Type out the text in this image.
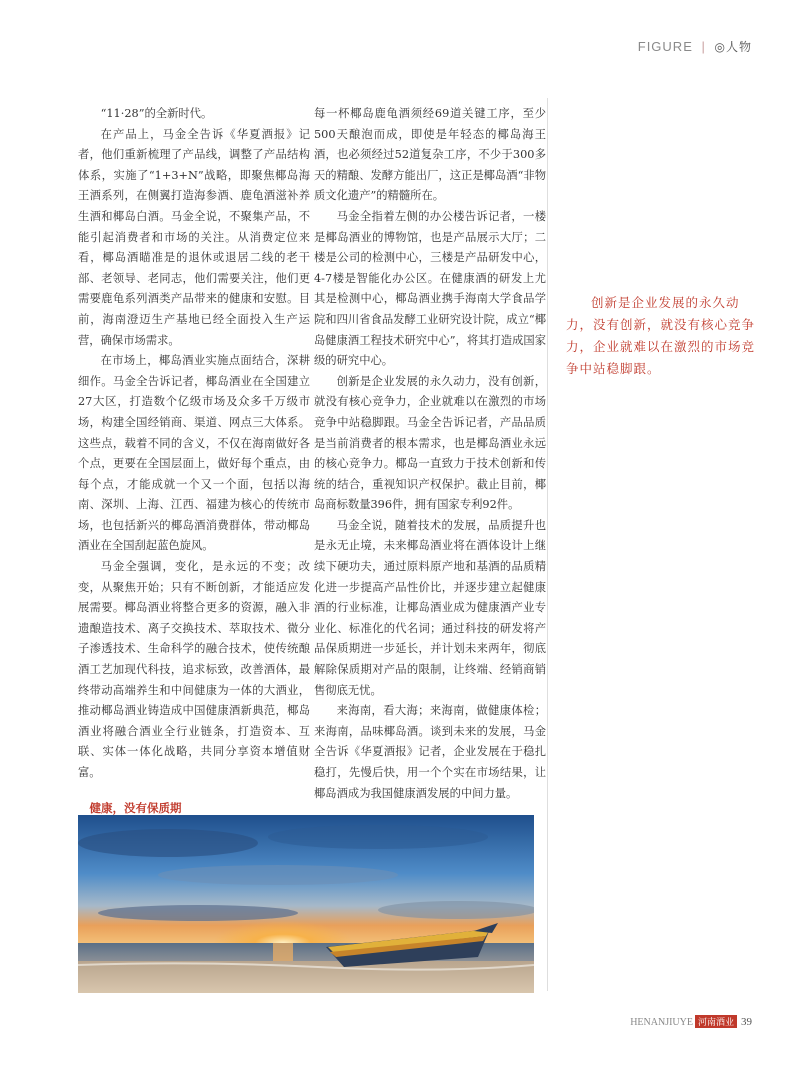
FIGURE | ◎人物

“11·28”的全新时代。

在产品上，马金全告诉《华夏酒报》记者，他们重新梳理了产品线，调整了产品结构体系，实施了“1+3+N”战略，即聚焦椰岛海王酒系列，在侧翼打造海参酒、鹿龟酒滋补养生酒和椰岛白酒。马金全说，不聚集产品，不能引起消费者和市场的关注。从消费定位来看，椰岛酒瞄准是的退休或退居二线的老干部、老领导、老同志，他们需要关注，他们更需要鹿龟系列酒类产品带来的健康和安慰。目前，海南澄迈生产基地已经全面投入生产运营，确保市场需求。

在市场上，椰岛酒业实施点面结合，深耕细作。马金全告诉记者，椰岛酒业在全国建立27大区，打造数个亿级市场及众多千万级市场，构建全国经销商、渠道、网点三大体系。这些点，载着不同的含义，不仅在海南做好各个点，更要在全国层面上，做好每个重点，由每个点，才能成就一个又一个面，包括以海南、深圳、上海、江西、福建为核心的传统市场，也包括新兴的椰岛酒消费群体，带动椰岛酒业在全国刮起蓝色旋风。

马金全强调，变化，是永远的不变；改变，从聚焦开始；只有不断创新，才能适应发展需要。椰岛酒业将整合更多的资源，融入非遗酿造技术、离子交换技术、萃取技术、微分子渗透技术、生命科学的融合技术，使传统酿酒工艺加现代科技，追求标致，改善酒体，最终带动高端养生和中间健康为一体的大酒业，推动椰岛酒业铸造成中国健康酒新典范，椰岛酒业将融合酒业全行业链条，打造资本、互联、实体一体化战略，共同分享资本增值财富。

健康，没有保质期

每一杯椰岛鹿龟酒须经69道关键工序，至少500天酿泡而成，即使是年轻态的椰岛海王酒，也必须经过52道复杂工序，不少于300多天的精酿、发酵方能出厂，这正是椰岛酒“非物质文化遗产”的精髓所在。

马金全指着左侧的办公楼告诉记者，一楼是椰岛酒业的博物馆，也是产品展示大厅；二楼是公司的检测中心，三楼是产品研发中心，4-7楼是智能化办公区。在健康酒的研发上尤其是检测中心，椰岛酒业携手海南大学食品学院和四川省食品发酵工业研究设计院，成立“椰岛健康酒工程技术研究中心”，将其打造成国家级的研究中心。

创新是企业发展的永久动力，没有创新，就没有核心竞争力，企业就难以在激烈的市场竞争中站稳脚跟。马金全告诉记者，产品品质是当前消费者的根本需求，也是椰岛酒业永远的核心竞争力。椰岛一直致力于技术创新和传统的结合，重视知识产权保护。截止目前，椰岛商标数量396件，拥有国家专利92件。

马金全说，随着技术的发展，品质提升也是永无止境，未来椰岛酒业将在酒体设计上继续下硬功夫，通过原料原产地和基酒的品质精化进一步提高产品性价比，并逐步建立起健康酒的行业标准，让椰岛酒业成为健康酒产业专业化、标准化的代名词；通过科技的研发将产品保质期进一步延长，并计划未来两年，彻底解除保质期对产品的限制，让终端、经销商销售彻底无忧。

来海南，看大海；来海南，做健康体检；来海南，品味椰岛酒。谈到未来的发展，马金全告诉《华夏酒报》记者，企业发展在于稳扎稳打，先慢后快，用一个个实在市场结果，让椰岛酒成为我国健康酒发展的中间力量。

创新是企业发展的永久动力，没有创新，就没有核心竞争力，企业就难以在激烈的市场竞争中站稳脚跟。
HENANJIUYE 河南酒业 39
